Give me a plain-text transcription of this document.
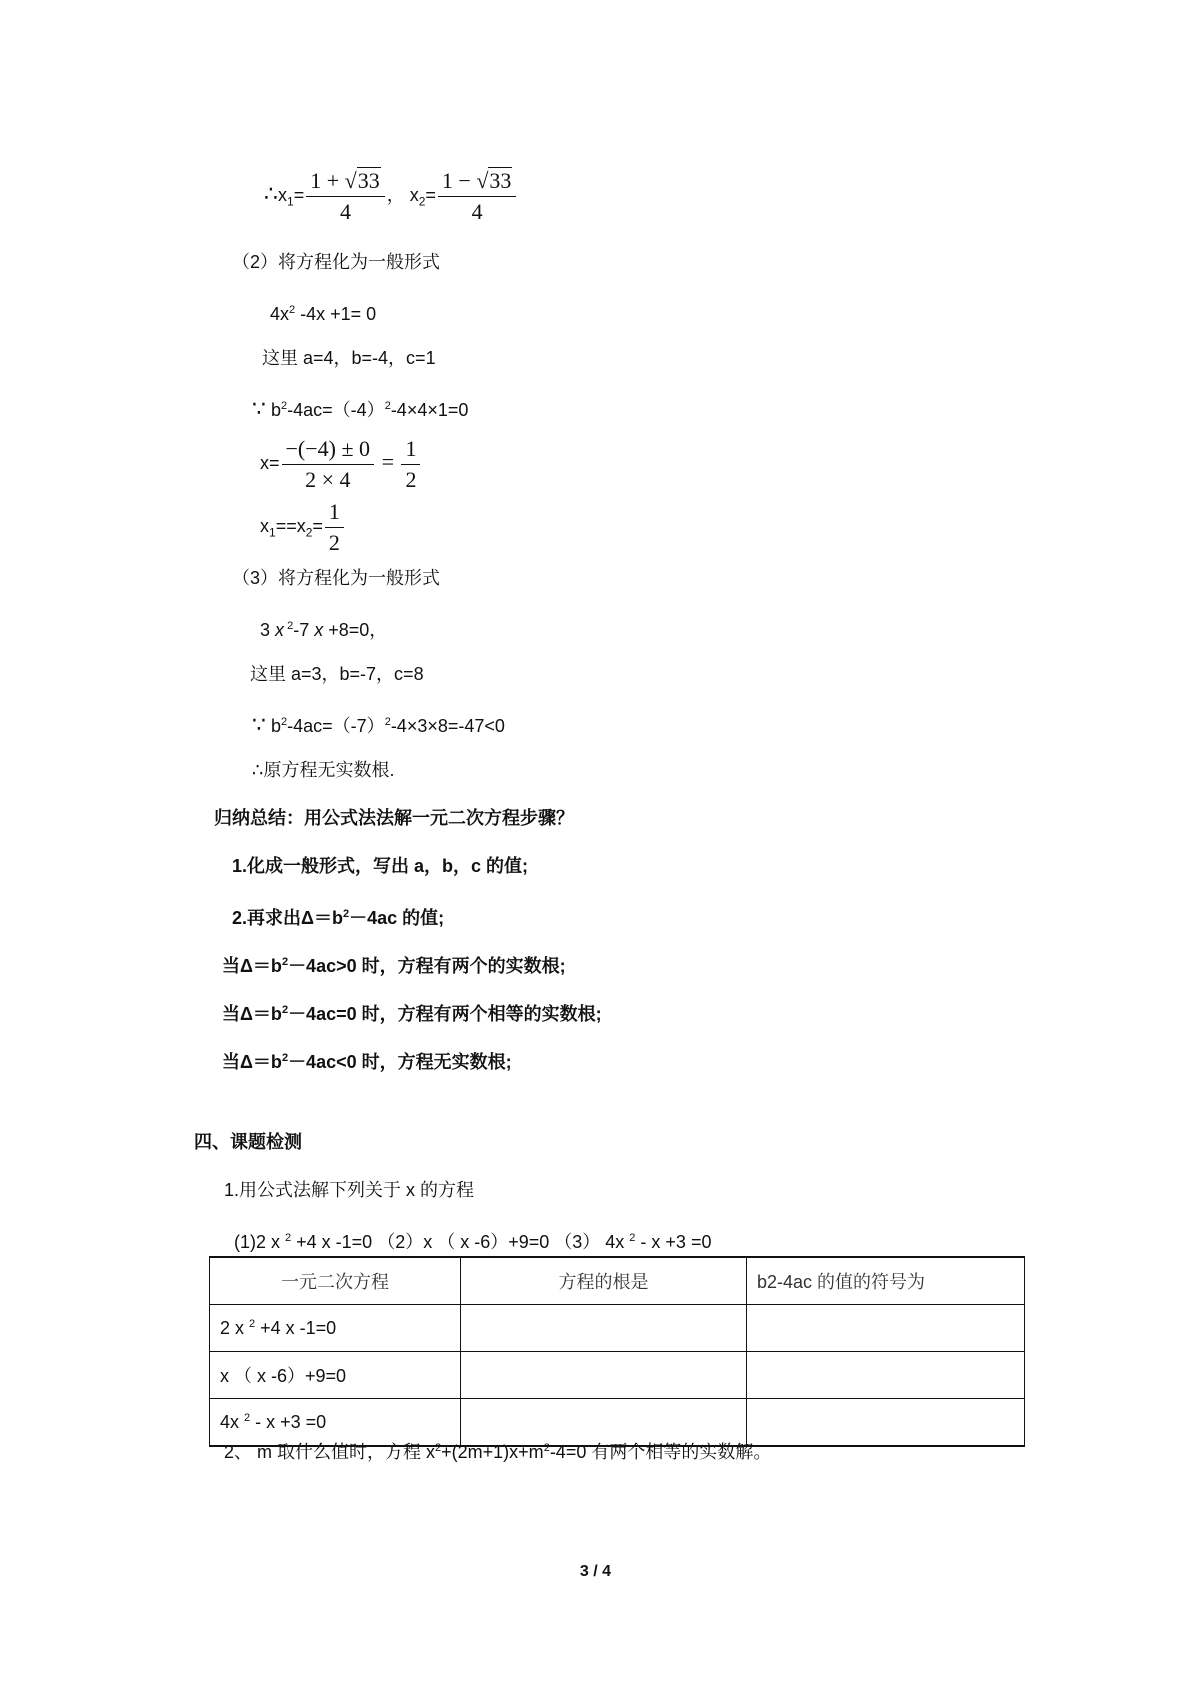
$\therefore x_1= \frac{1 + √33}{4}$ ， $x_2= \frac{1 - √33}{4}$
（2）将方程化为一般形式
$4x^2$ -4x +1= 0
这里 a=4，b=-4，c=1
∵ $b^2-4ac=(-4)^2-4\times 4\times 1=0$
$x= \frac{-(-4) \pm 0}{2 \times 4} = \frac{1}{2}$
$x_1==x_2= \frac{1}{2}$
（3）将方程化为一般形式
3 x $^2$-7 x +8=0，
这里 a=3，b=-7，c=8
∵ $b^2-4ac=(-7)^2-4\times 3\times 8=-47<0$
∴原方程无实数根.
归纳总结：用公式法法解一元二次方程步骤？
1.化成一般形式，写出 a，b，c 的值;
2.再求出$\Delta=b^2-4ac$ 的值;
当$\Delta=b^2-4ac>0$ 时，方程有两个的实数根;
当$\Delta=b^2-4ac=0$ 时，方程有两个相等的实数根;
当$\Delta=b^2-4ac<0$ 时，方程无实数根;
四、课题检测
1.用公式法解下列关于 x 的方程
(1)2 x $^2$ +4 x -1=0 （2）x （ x -6）+9=0 （3） 4x $^2$ - x +3 =0
一元二次方程	方程的根是	b2-4ac 的值的符号为
2 x $^2$ +4 x -1=0		
x （ x -6）+9=0		
4x $^2$ - x +3 =0		
2、 m 取什么值时，方程 $x^2+(2m+1)x+m^2-4=0$ 有两个相等的实数解。
3 / 4
